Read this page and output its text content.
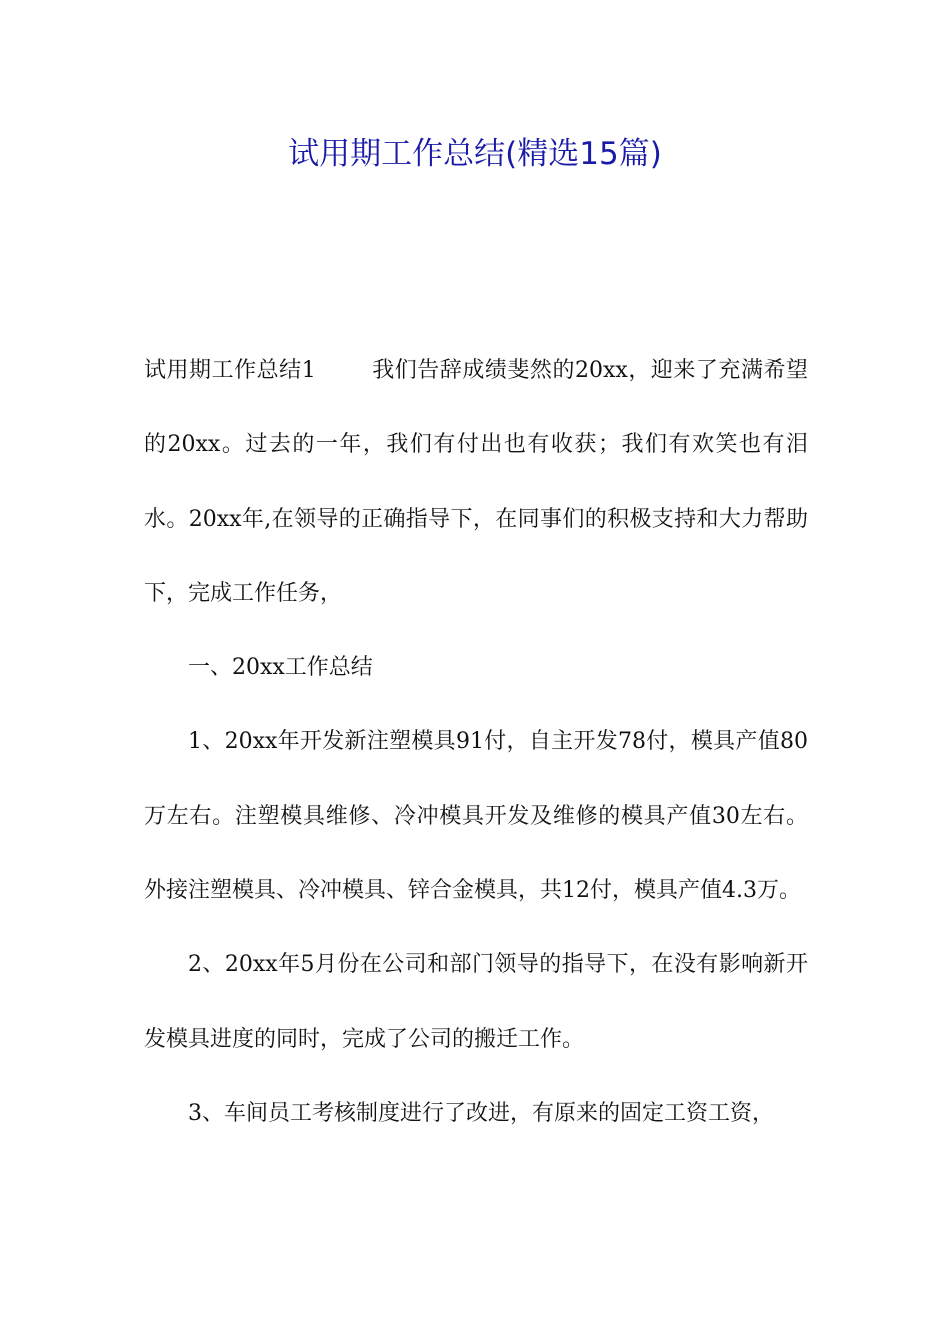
试用期工作总结(精选15篇)

试用期工作总结1	我们告辞成绩斐然的20xx，迎来了充满希望的20xx。过去的一年，我们有付出也有收获；我们有欢笑也有泪水。20xx年,在领导的正确指导下，在同事们的积极支持和大力帮助下，完成工作任务，

一、20xx工作总结

1、20xx年开发新注塑模具91付，自主开发78付，模具产值80万左右。注塑模具维修、冷冲模具开发及维修的模具产值30左右。外接注塑模具、冷冲模具、锌合金模具，共12付，模具产值4.3万。

2、20xx年5月份在公司和部门领导的指导下，在没有影响新开发模具进度的同时，完成了公司的搬迁工作。

3、车间员工考核制度进行了改进，有原来的固定工资工资，
